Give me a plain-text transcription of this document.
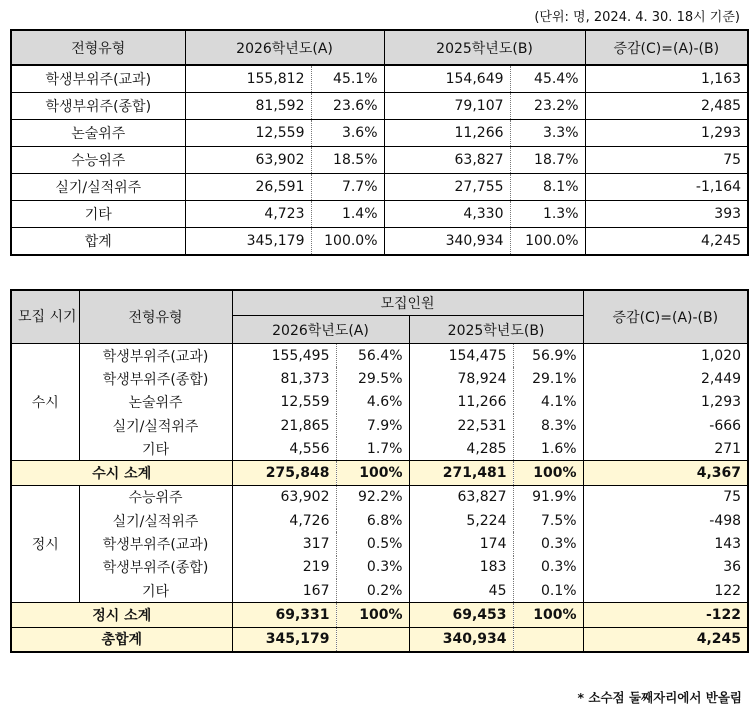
(단위: 명, 2024. 4. 30. 18시 기준)
전형유형	2026학년도(A)		2025학년도(B)		증감(C)=(A)-(B)
학생부위주(교과)	155,812	45.1%	154,649	45.4%	1,163
학생부위주(종합)	81,592	23.6%	79,107	23.2%	2,485
논술위주	12,559	3.6%	11,266	3.3%	1,293
수능위주	63,902	18.5%	63,827	18.7%	75
실기/실적위주	26,591	7.7%	27,755	8.1%	-1,164
기타	4,723	1.4%	4,330	1.3%	393
합계	345,179	100.0%	340,934	100.0%	4,245
모집 시기	전형유형	모집인원				증감(C)=(A)-(B)
		2026학년도(A)		2025학년도(B)		
수시	학생부위주(교과)	155,495	56.4%	154,475	56.9%	1,020
	학생부위주(종합)	81,373	29.5%	78,924	29.1%	2,449
	논술위주	12,559	4.6%	11,266	4.1%	1,293
	실기/실적위주	21,865	7.9%	22,531	8.3%	-666
	기타	4,556	1.7%	4,285	1.6%	271
수시 소계		275,848	100%	271,481	100%	4,367
정시	수능위주	63,902	92.2%	63,827	91.9%	75
	실기/실적위주	4,726	6.8%	5,224	7.5%	-498
	학생부위주(교과)	317	0.5%	174	0.3%	143
	학생부위주(종합)	219	0.3%	183	0.3%	36
	기타	167	0.2%	45	0.1%	122
정시 소계		69,331	100%	69,453	100%	-122
총합계		345,179		340,934		4,245
* 소수점 둘째자리에서 반올림
